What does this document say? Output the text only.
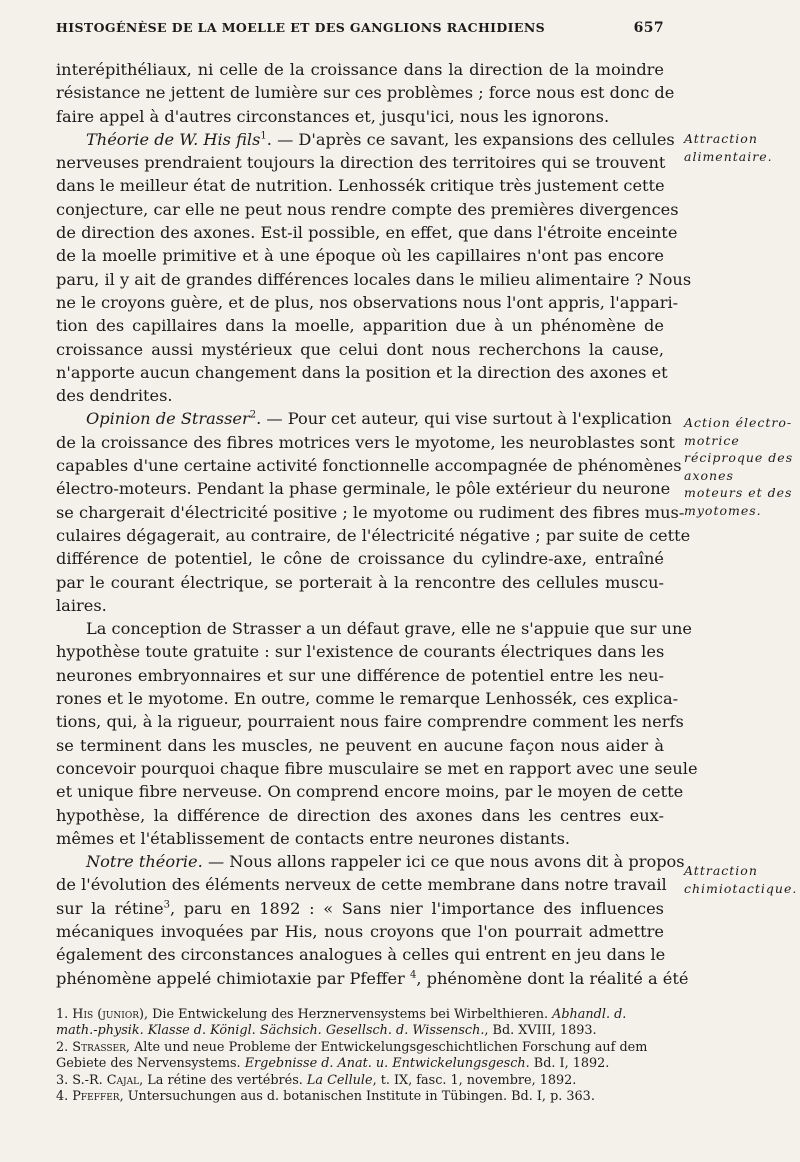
HISTOGÉNÈSE DE LA MOELLE ET DES GANGLIONS RACHIDIENS	657
interépithéliaux, ni celle de la croissance dans la direction de la moindre
résistance ne jettent de lumière sur ces problèmes ; force nous est donc de
faire appel à d'autres circonstances et, jusqu'ici, nous les ignorons.
Théorie de W. His fils$^1$. — D'après ce savant, les expansions des cellules
nerveuses prendraient toujours la direction des territoires qui se trouvent
dans le meilleur état de nutrition. Lenhossék critique très justement cette
conjecture, car elle ne peut nous rendre compte des premières divergences
de direction des axones. Est-il possible, en effet, que dans l'étroite enceinte
de la moelle primitive et à une époque où les capillaires n'ont pas encore
paru, il y ait de grandes différences locales dans le milieu alimentaire ? Nous
ne le croyons guère, et de plus, nos observations nous l'ont appris, l'appari-
tion des capillaires dans la moelle, apparition due à un phénomène de
croissance aussi mystérieux que celui dont nous recherchons la cause,
n'apporte aucun changement dans la position et la direction des axones et
des dendrites.
Opinion de Strasser$^2$. — Pour cet auteur, qui vise surtout à l'explication
de la croissance des fibres motrices vers le myotome, les neuroblastes sont
capables d'une certaine activité fonctionnelle accompagnée de phénomènes
électro-moteurs. Pendant la phase germinale, le pôle extérieur du neurone
se chargerait d'électricité positive ; le myotome ou rudiment des fibres mus-
culaires dégagerait, au contraire, de l'électricité négative ; par suite de cette
différence de potentiel, le cône de croissance du cylindre-axe, entraîné
par le courant électrique, se porterait à la rencontre des cellules muscu-
laires.
La conception de Strasser a un défaut grave, elle ne s'appuie que sur une
hypothèse toute gratuite : sur l'existence de courants électriques dans les
neurones embryonnaires et sur une différence de potentiel entre les neu-
rones et le myotome. En outre, comme le remarque Lenhossék, ces explica-
tions, qui, à la rigueur, pourraient nous faire comprendre comment les nerfs
se terminent dans les muscles, ne peuvent en aucune façon nous aider à
concevoir pourquoi chaque fibre musculaire se met en rapport avec une seule
et unique fibre nerveuse. On comprend encore moins, par le moyen de cette
hypothèse, la différence de direction des axones dans les centres eux-
mêmes et l'établissement de contacts entre neurones distants.
Notre théorie. — Nous allons rappeler ici ce que nous avons dit à propos
de l'évolution des éléments nerveux de cette membrane dans notre travail
sur la rétine$^3$, paru en 1892 : « Sans nier l'importance des influences
mécaniques invoquées par His, nous croyons que l'on pourrait admettre
également des circonstances analogues à celles qui entrent en jeu dans le
phénomène appelé chimiotaxie par Pfeffer $^4$, phénomène dont la réalité a été
Attraction alimentaire.
Action électro-motrice réciproque des axones moteurs et des myotomes.
Attraction chimiotactique.
1. His (junior), Die Entwickelung des Herznervensystems bei Wirbelthieren. Abhandl. d. math.-physik. Klasse d. Königl. Sächsich. Gesellsch. d. Wissensch., Bd. XVIII, 1893.
2. Strasser, Alte und neue Probleme der Entwickelungsgeschichtlichen Forschung auf dem Gebiete des Nervensystems. Ergebnisse d. Anat. u. Entwickelungsgesch. Bd. I, 1892.
3. S.-R. Cajal, La rétine des vertébrés. La Cellule, t. IX, fasc. 1, novembre, 1892.
4. Pfeffer, Untersuchungen aus d. botanischen Institute in Tübingen. Bd. I, p. 363.
